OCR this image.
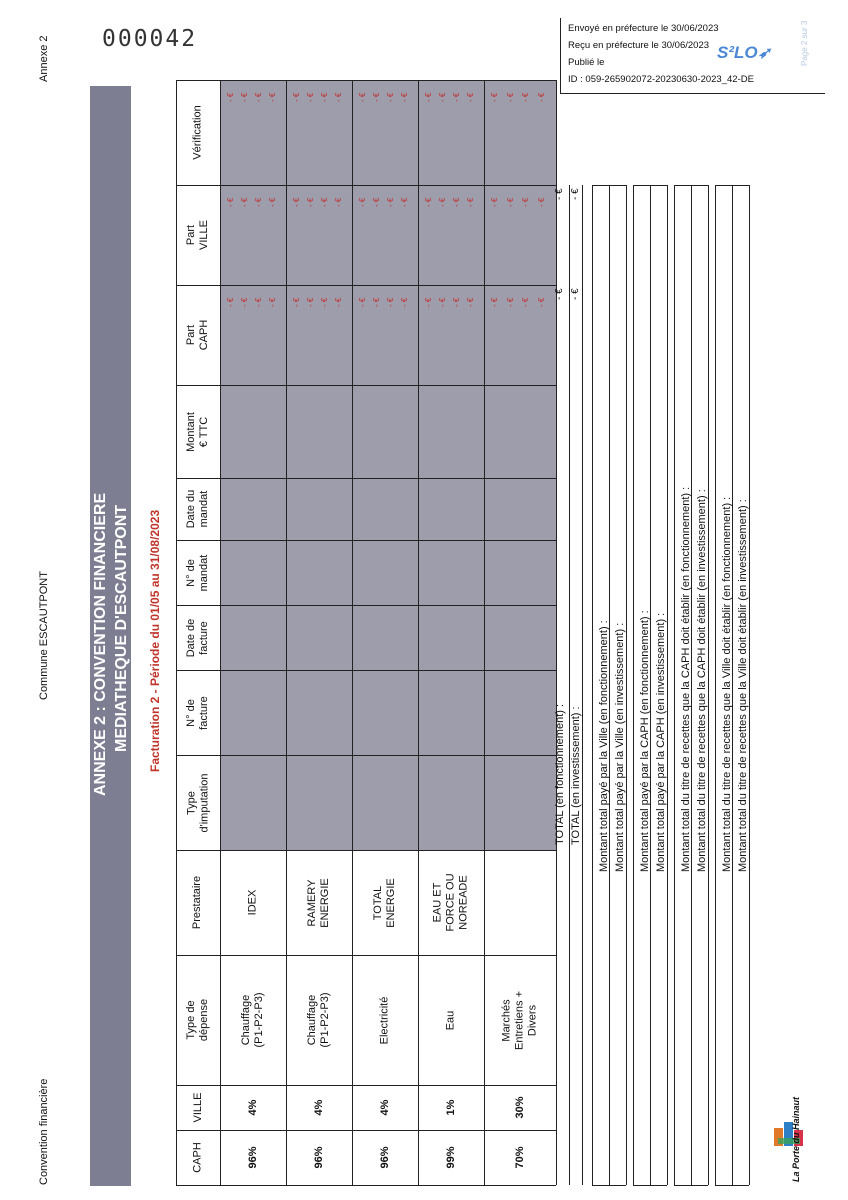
Convention financière
Commune ESCAUTPONT
Annexe 2 000042	Envoyé en préfecture le 30/06/2023
Reçu en préfecture le 30/06/2023
Publié le
ID : 059-265902072-20230630-2023_42-DE
S²LO➶	Page 2 sur 3
ANNEXE 2 : CONVENTION FINANCIERE MEDIATHEQUE D'ESCAUTPONT Facturation 2 - Période du 01/05 au 31/08/2023
CAPH
VILLE
Type de dépense
Prestataire
Type d'imputation
N° de facture
Date de facture
N° de mandat
Date du mandat
Montant € TTC
Part CAPH
Part VILLE
Vérification
96%
4%
Chauffage (P1-P2-P3)
IDEX
- € - € - € - €
- € - € - € - €
- € - € - € - €
96%
4%
Chauffage (P1-P2-P3)
RAMERY ENERGIE
- € - € - € - €
- € - € - € - €
- € - € - € - €
96%
4%
Electricité
TOTAL ENERGIE
- € - € - € - €
- € - € - € - €
- € - € - € - €
99%
1%
Eau
EAU ET FORCE OU NOREADE
- € - € - € - €
- € - € - € - €
- € - € - € - €
70%
30%
Marchés Entretiens + Divers
- € - € - € - €
- € - € - € - €
- € - € - € - €
TOTAL (en fonctionnement) : TOTAL (en investissement) :
- € - €
- € - €
Montant total payé par la Ville (en fonctionnement) : Montant total payé par la Ville (en investissement) : Montant total payé par la CAPH (en fonctionnement) : Montant total payé par la CAPH (en investissement) : Montant total du titre de recettes que la CAPH doit établir (en fonctionnement) : Montant total du titre de recettes que la CAPH doit établir (en investissement) : Montant total du titre de recettes que la Ville doit établir (en fonctionnement) : Montant total du titre de recettes que la Ville doit établir (en investissement) :
La Porte du Hainaut
